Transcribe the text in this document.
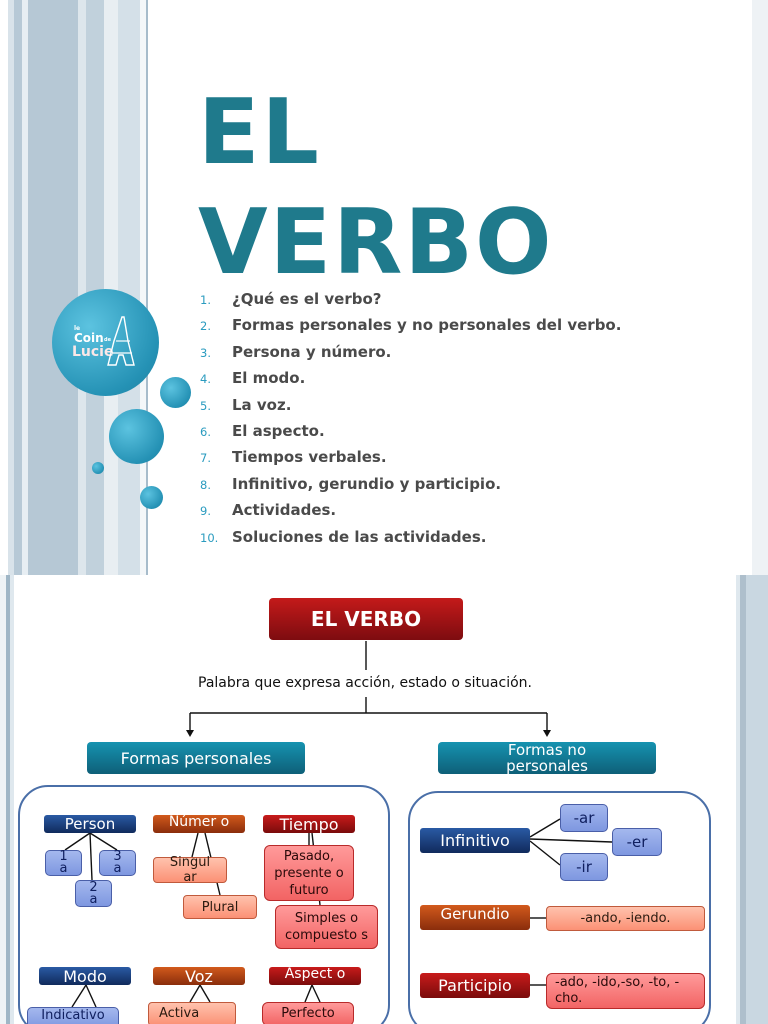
le
Coin de
Lucie
EL
VERBO
1.	¿Qué es el verbo?
2.	Formas personales y no personales del verbo.
3.	Persona y número.
4.	El modo.
5.	La voz.
6.	El aspecto.
7.	Tiempos verbales.
8.	Infinitivo, gerundio y participio.
9.	Actividades.
10. Soluciones de las actividades.
EL VERBO
Palabra que expresa acción, estado o situación.
Formas personales	Formas no personales
Person
1 a
3 a
2 a
Númer o
Singul ar
Plural
Tiempo
Pasado, presente o futuro
Simples o compuesto s
Modo
Indicativo
Voz
Activa
Aspect o
Perfecto
Infinitivo
-ar
-er
-ir
Gerundio	-ando, -iendo.
Participio	-ado, -ido,-so, -to, -cho.
